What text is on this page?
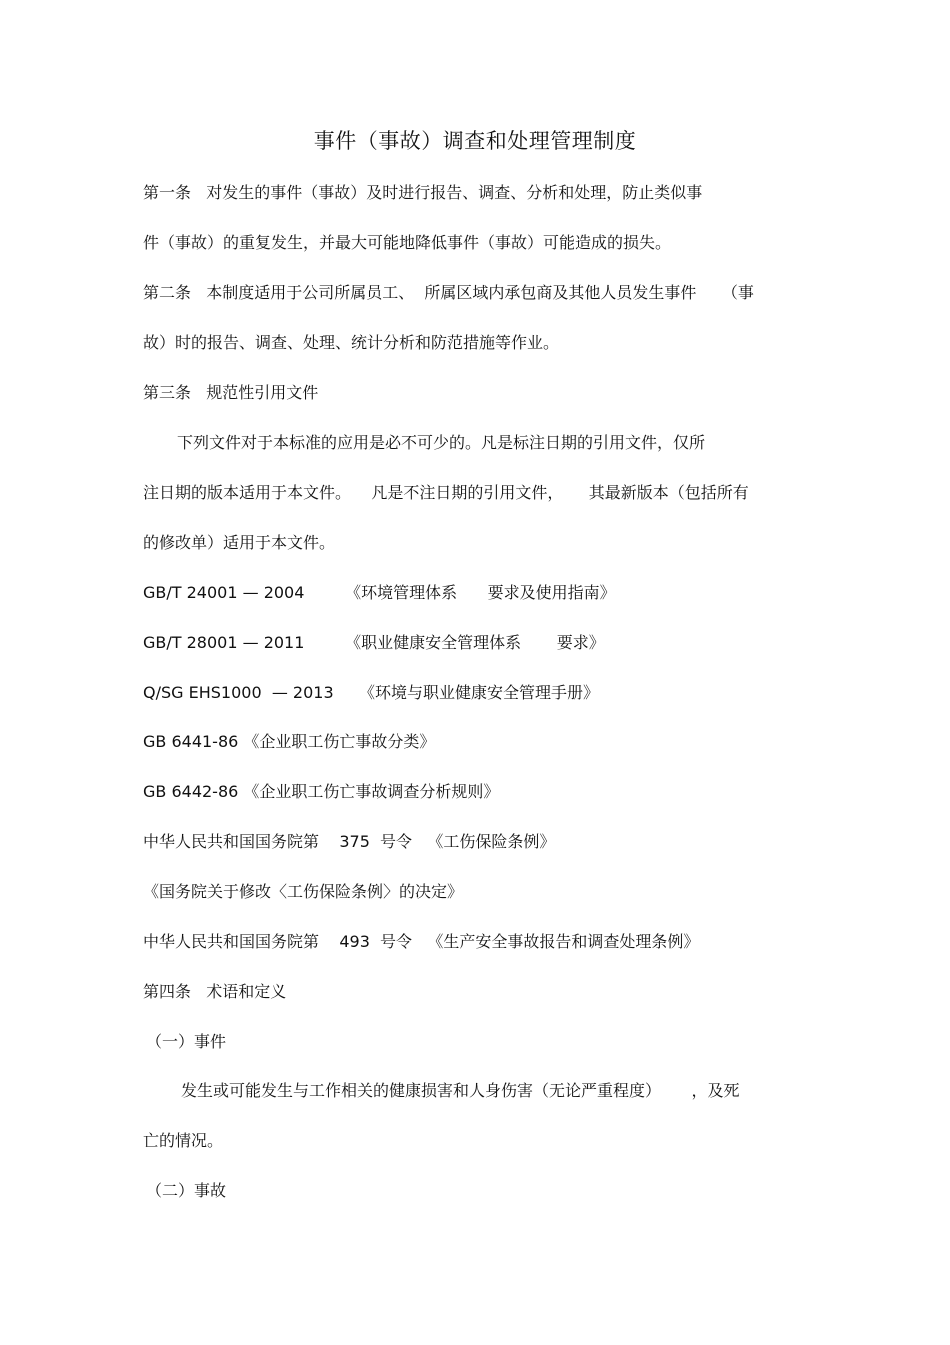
事件（事故）调查和处理管理制度
第一条   对发生的事件（事故）及时进行报告、调查、分析和处理，防止类似事
件（事故）的重复发生，并最大可能地降低事件（事故）可能造成的损失。
第二条   本制度适用于公司所属员工、  所属区域内承包商及其他人员发生事件     （事
故）时的报告、调查、处理、统计分析和防范措施等作业。
第三条   规范性引用文件
下列文件对于本标准的应用是必不可少的。凡是标注日期的引用文件，仅所
注日期的版本适用于本文件。    凡是不注日期的引用文件，     其最新版本（包括所有
的修改单）适用于本文件。
GB/T 24001 — 2004        《环境管理体系      要求及使用指南》
GB/T 28001 — 2011        《职业健康安全管理体系       要求》
Q/SG EHS1000  — 2013     《环境与职业健康安全管理手册》
GB 6441-86 《企业职工伤亡事故分类》
GB 6442-86 《企业职工伤亡事故调查分析规则》
中华人民共和国国务院第    375  号令   《工伤保险条例》
《国务院关于修改〈工伤保险条例〉的决定》
中华人民共和国国务院第    493  号令   《生产安全事故报告和调查处理条例》
第四条   术语和定义
（一）事件
发生或可能发生与工作相关的健康损害和人身伤害（无论严重程度）      ，及死
亡的情况。
（二）事故
